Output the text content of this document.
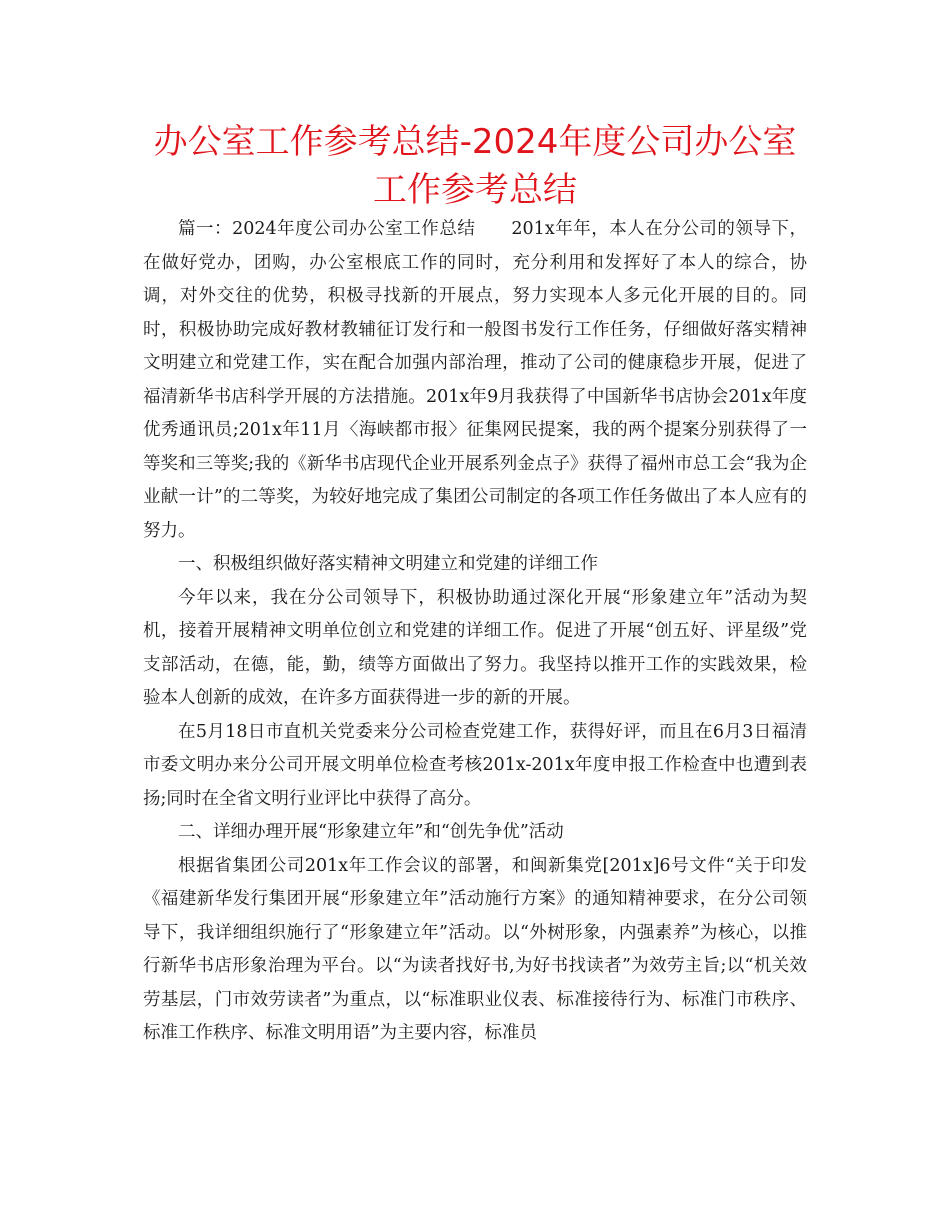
办公室工作参考总结-2024年度公司办公室工作参考总结

篇一：2024年度公司办公室工作总结　　201x年年，本人在分公司的领导下，在做好党办，团购，办公室根底工作的同时，充分利用和发挥好了本人的综合，协调，对外交往的优势，积极寻找新的开展点，努力实现本人多元化开展的目的。同时，积极协助完成好教材教辅征订发行和一般图书发行工作任务，仔细做好落实精神文明建立和党建工作，实在配合加强内部治理，推动了公司的健康稳步开展，促进了福清新华书店科学开展的方法措施。201x年9月我获得了中国新华书店协会201x年度优秀通讯员;201x年11月〈海峡都市报〉征集网民提案，我的两个提案分别获得了一等奖和三等奖;我的《新华书店现代企业开展系列金点子》获得了福州市总工会“我为企业献一计”的二等奖，为较好地完成了集团公司制定的各项工作任务做出了本人应有的努力。

一、积极组织做好落实精神文明建立和党建的详细工作

今年以来，我在分公司领导下，积极协助通过深化开展“形象建立年”活动为契机，接着开展精神文明单位创立和党建的详细工作。促进了开展“创五好、评星级”党支部活动，在德，能，勤，绩等方面做出了努力。我坚持以推开工作的实践效果，检验本人创新的成效，在许多方面获得进一步的新的开展。

在5月18日市直机关党委来分公司检查党建工作，获得好评，而且在6月3日福清市委文明办来分公司开展文明单位检查考核201x-201x年度申报工作检查中也遭到表扬;同时在全省文明行业评比中获得了高分。

二、详细办理开展“形象建立年”和“创先争优”活动

根据省集团公司201x年工作会议的部署，和闽新集党[201x]6号文件“关于印发《福建新华发行集团开展“形象建立年”活动施行方案》的通知精神要求，在分公司领导下，我详细组织施行了“形象建立年”活动。以“外树形象，内强素养”为核心，以推行新华书店形象治理为平台。以“为读者找好书,为好书找读者”为效劳主旨;以“机关效劳基层，门市效劳读者”为重点，以“标准职业仪表、标准接待行为、标准门市秩序、标准工作秩序、标准文明用语”为主要内容，标准员
